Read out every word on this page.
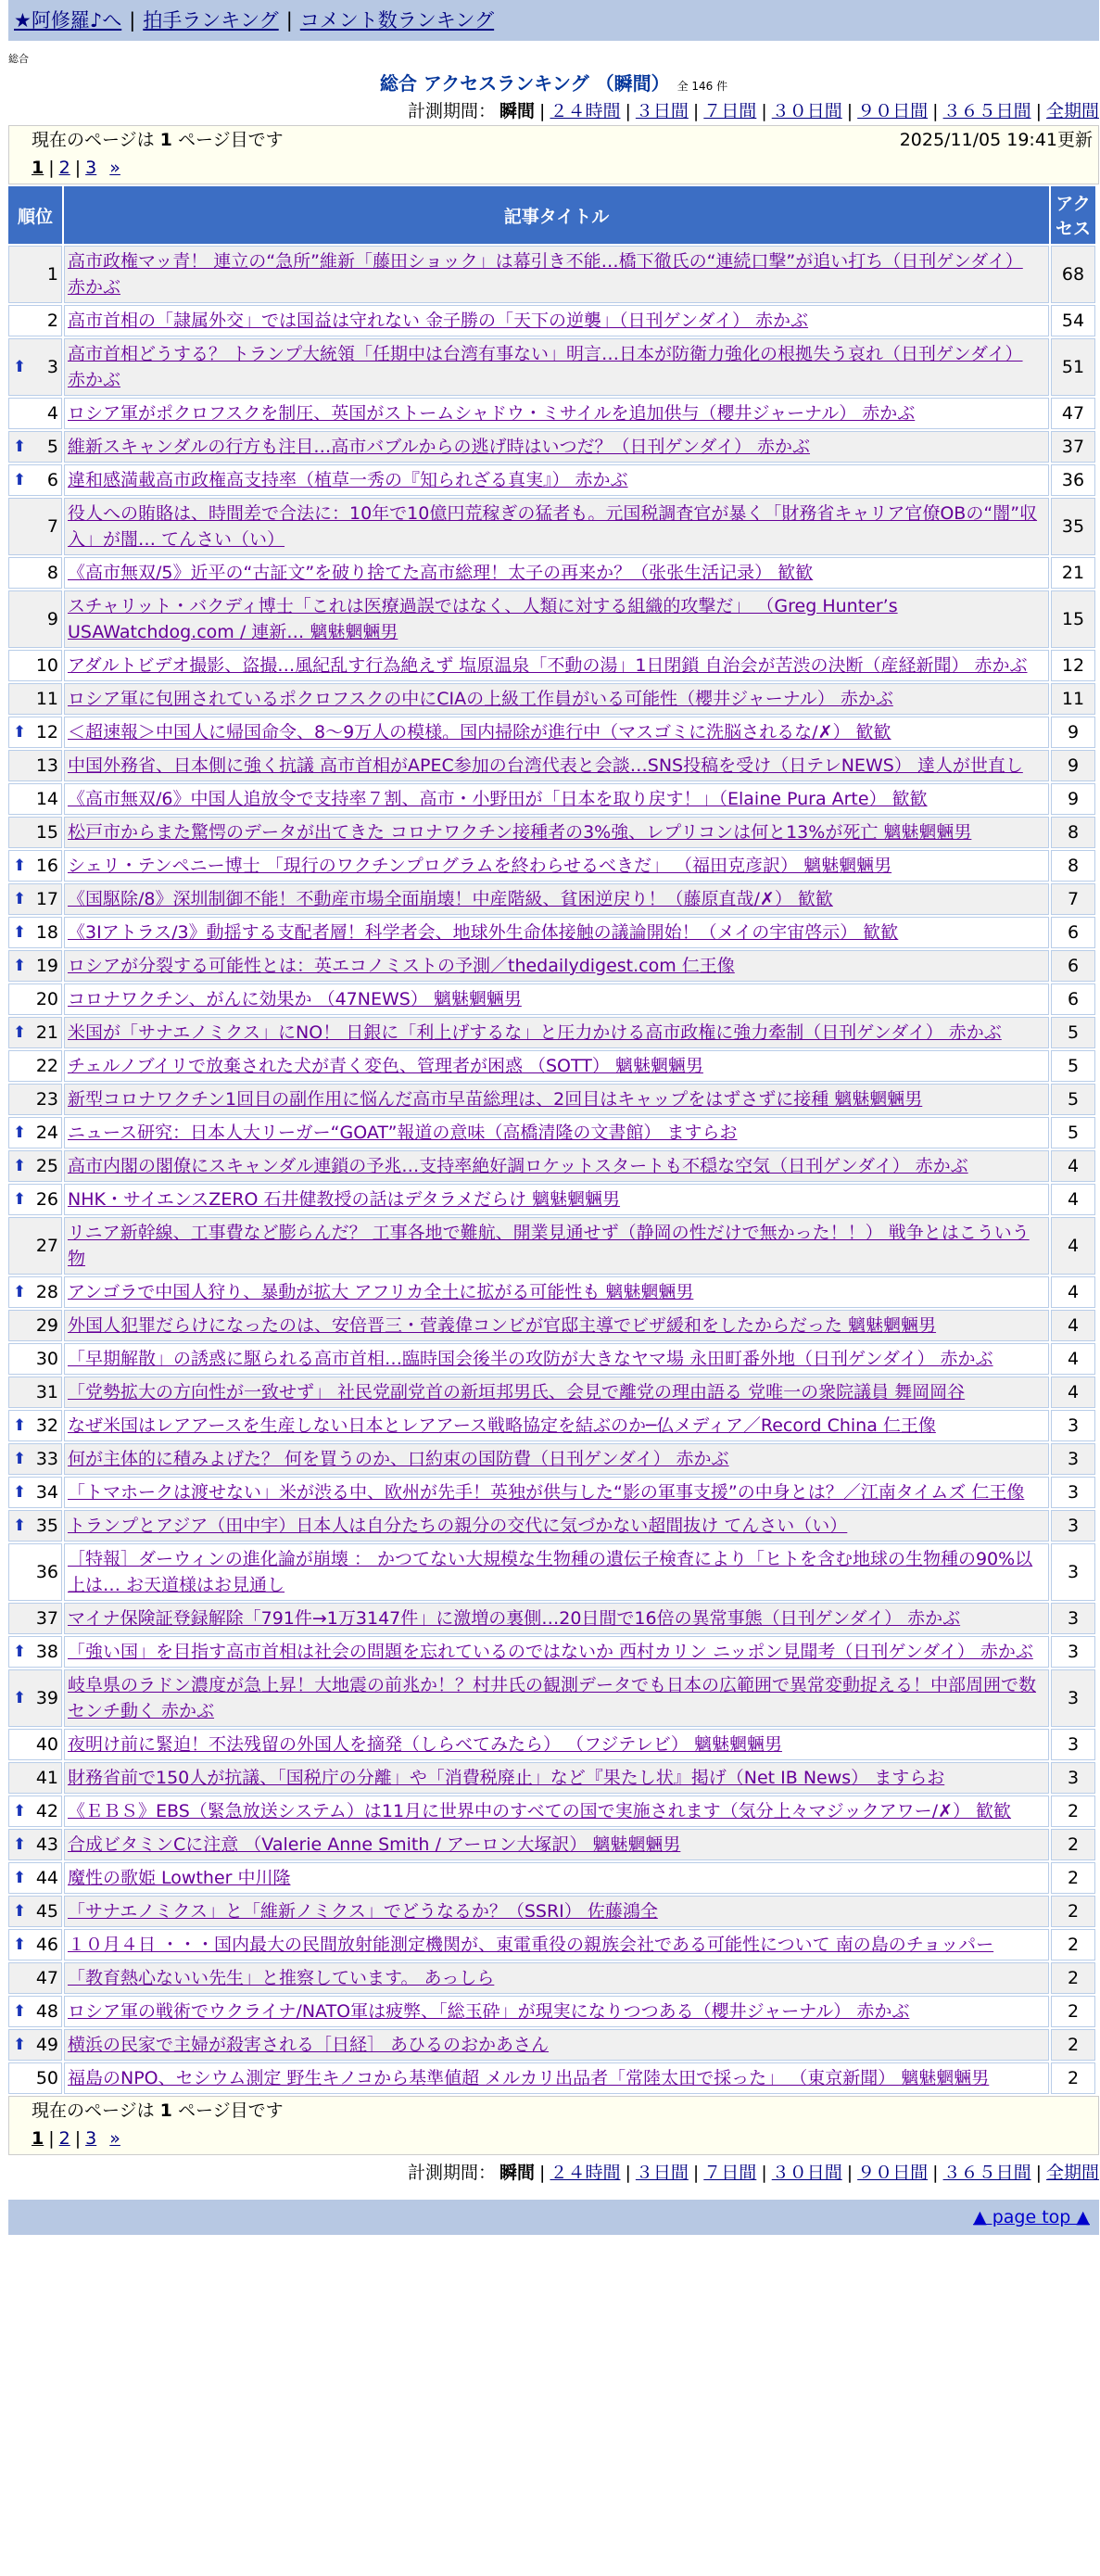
★阿修羅♪へ | 拍手ランキング | コメント数ランキング
総合
総合 アクセスランキング （瞬間） 全 146 件
計測期間： 瞬間 | ２４時間 | ３日間 | ７日間 | ３０日間 | ９０日間 | ３６５日間 | 全期間
現在のページは 1 ページ目です	2025/11/05 19:41更新
1 | 2 | 3 »
順位	記事タイトル	アクセス
1	高市政権マッ青！ 連立の“急所”維新「藤田ショック」は幕引き不能…橋下徹氏の“連続口撃”が追い打ち（日刊ゲンダイ） 赤かぶ	68
2	高市首相の「隷属外交」では国益は守れない 金子勝の「天下の逆襲」（日刊ゲンダイ） 赤かぶ	54

⬆ 3	高市首相どうする？ トランプ大統領「任期中は台湾有事ない」明言…日本が防衛力強化の根拠失う哀れ（日刊ゲンダイ） 赤かぶ	51
4	ロシア軍がポクロフスクを制圧、英国がストームシャドウ・ミサイルを追加供与（櫻井ジャーナル） 赤かぶ	47

⬆ 5	維新スキャンダルの行方も注目…高市バブルからの逃げ時はいつだ？（日刊ゲンダイ） 赤かぶ	37

⬆ 6	違和感満載高市政権高支持率（植草一秀の『知られざる真実』） 赤かぶ	36
7	役人への賄賂は、時間差で合法に：10年で10億円荒稼ぎの猛者も。元国税調査官が暴く「財務省キャリア官僚OBの“闇”収入」が闇… てんさい（い）	35
8	《高市無双/5》近平の“古証文”を破り捨てた高市総理！太子の再来か？（张张生活记录） 歓歓	21
9	スチャリット・バクディ博士「これは医療過誤ではなく、人類に対する組織的攻撃だ」 （Greg Hunter’s USAWatchdog.com / 連新… 魑魅魍魎男	15
10	アダルトビデオ撮影、盗撮…風紀乱す行為絶えず 塩原温泉「不動の湯」1日閉鎖 自治会が苦渋の決断（産経新聞） 赤かぶ	12
11	ロシア軍に包囲されているポクロフスクの中にCIAの上級工作員がいる可能性（櫻井ジャーナル） 赤かぶ	11

⬆ 12	＜超速報＞中国人に帰国命令、8〜9万人の模様。国内掃除が進行中（マスゴミに洗脳されるな/✗） 歓歓	9
13	中国外務省、日本側に強く抗議 高市首相がAPEC参加の台湾代表と会談…SNS投稿を受け（日テレNEWS） 達人が世直し	9
14	《高市無双/6》中国人追放令で支持率７割、高市・小野田が「日本を取り戻す！」（Elaine Pura Arte） 歓歓	9
15	松戸市からまた驚愕のデータが出てきた コロナワクチン接種者の3%強、レプリコンは何と13%が死亡 魑魅魍魎男	8

⬆ 16	シェリ・テンペニー博士 「現行のワクチンプログラムを終わらせるべきだ」 （福田克彦訳） 魑魅魍魎男	8

⬆ 17	《国駆除/8》深圳制御不能！不動産市場全面崩壊！中産階級、貧困逆戻り！（藤原直哉/✗） 歓歓	7

⬆ 18	《3Iアトラス/3》動揺する支配者層！科学者会、地球外生命体接触の議論開始！（メイの宇宙啓示） 歓歓	6

⬆ 19	ロシアが分裂する可能性とは：英エコノミストの予測／thedailydigest.com 仁王像	6
20	コロナワクチン、がんに効果か （47NEWS） 魑魅魍魎男	6

⬆ 21	米国が「サナエノミクス」にNO！ 日銀に「利上げするな」と圧力かける高市政権に強力牽制（日刊ゲンダイ） 赤かぶ	5
22	チェルノブイリで放棄された犬が青く変色、管理者が困惑 （SOTT） 魑魅魍魎男	5
23	新型コロナワクチン1回目の副作用に悩んだ高市早苗総理は、2回目はキャップをはずさずに接種 魑魅魍魎男	5

⬆ 24	ニュース研究：日本人大リーガー“GOAT”報道の意味（高橋清隆の文書館） ますらお	5

⬆ 25	高市内閣の閣僚にスキャンダル連鎖の予兆…支持率絶好調ロケットスタートも不穏な空気（日刊ゲンダイ） 赤かぶ	4

⬆ 26	NHK・サイエンスZERO 石井健教授の話はデタラメだらけ 魑魅魍魎男	4
27	リニア新幹線、工事費など膨らんだ？ 工事各地で難航、開業見通せず（静岡の性だけで無かった！！） 戦争とはこういう物	4

⬆ 28	アンゴラで中国人狩り、暴動が拡大 アフリカ全土に拡がる可能性も 魑魅魍魎男	4
29	外国人犯罪だらけになったのは、安倍晋三・菅義偉コンビが官邸主導でビザ緩和をしたからだった 魑魅魍魎男	4
30	「早期解散」の誘惑に駆られる高市首相…臨時国会後半の攻防が大きなヤマ場 永田町番外地（日刊ゲンダイ） 赤かぶ	4
31	「党勢拡大の方向性が一致せず」 社民党副党首の新垣邦男氏、会見で離党の理由語る 党唯一の衆院議員 舞岡岡谷	4

⬆ 32	なぜ米国はレアアースを生産しない日本とレアアース戦略協定を結ぶのか─仏メディア／Record China 仁王像	3

⬆ 33	何が主体的に積みよげた？ 何を買うのか、口約束の国防費（日刊ゲンダイ） 赤かぶ	3

⬆ 34	「トマホークは渡せない」米が渋る中、欧州が先手！英独が供与した“影の軍事支援”の中身とは？／江南タイムズ 仁王像	3

⬆ 35	トランプとアジア（田中宇）日本人は自分たちの親分の交代に気づかない超間抜け てんさい（い）	3
36	［特報］ダーウィンの進化論が崩壊 ： かつてない大規模な生物種の遺伝子検査により「ヒトを含む地球の生物種の90%以上は… お天道様はお見通し	3
37	マイナ保険証登録解除「791件→1万3147件」に激増の裏側…20日間で16倍の異常事態（日刊ゲンダイ） 赤かぶ	3

⬆ 38	「強い国」を目指す高市首相は社会の問題を忘れているのではないか 西村カリン ニッポン見聞考（日刊ゲンダイ） 赤かぶ	3

⬆ 39	岐阜県のラドン濃度が急上昇！大地震の前兆か！？村井氏の観測データでも日本の広範囲で異常変動捉える！中部周囲で数センチ動く 赤かぶ	3
40	夜明け前に緊迫！不法残留の外国人を摘発（しらべてみたら） （フジテレビ） 魑魅魍魎男	3
41	財務省前で150人が抗議、「国税庁の分離」や「消費税廃止」など『果たし状』掲げ（Net IB News） ますらお	3

⬆ 42	《ＥＢＳ》EBS（緊急放送システム）は11月に世界中のすべての国で実施されます（気分上々マジックアワー/✗） 歓歓	2

⬆ 43	合成ビタミンCに注意 （Valerie Anne Smith / アーロン大塚訳） 魑魅魍魎男	2

⬆ 44	魔性の歌姫 Lowther 中川隆	2

⬆ 45	「サナエノミクス」と「維新ノミクス」でどうなるか？（SSRI） 佐藤鴻全	2

⬆ 46	１０月４日 ・・・国内最大の民間放射能測定機関が、東電重役の親族会社である可能性について 南の島のチョッパー	2
47	「教育熱心ないい先生」と推察しています。 あっしら	2

⬆ 48	ロシア軍の戦術でウクライナ/NATO軍は疲弊、「総玉砕」が現実になりつつある（櫻井ジャーナル） 赤かぶ	2

⬆ 49	横浜の民家で主婦が殺害される［日経］ あひるのおかあさん	2
50	福島のNPO、セシウム測定 野生キノコから基準値超 メルカリ出品者「常陸太田で採った」 （東京新聞） 魑魅魍魎男	2
現在のページは 1 ページ目です
1 | 2 | 3 »
計測期間： 瞬間 | ２４時間 | ３日間 | ７日間 | ３０日間 | ９０日間 | ３６５日間 | 全期間
▲ page top ▲
